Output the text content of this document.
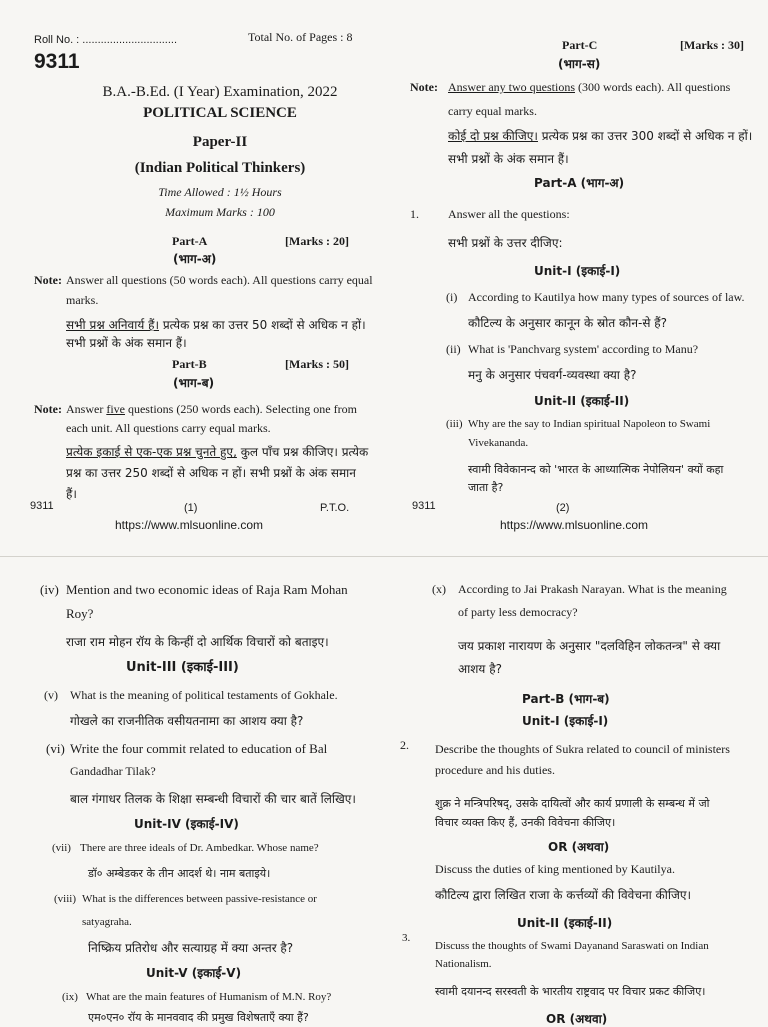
Roll No. : ...............................	Total No. of Pages : 8
9311
B.A.-B.Ed. (I Year) Examination, 2022
POLITICAL SCIENCE
Paper-II
(Indian Political Thinkers)
Time Allowed : 1½ Hours
Maximum Marks : 100
Part-A	[Marks : 20]
(भाग-अ)
Note: Answer all questions (50 words each). All questions carry equal
marks.
सभी प्रश्न अनिवार्य हैं। प्रत्येक प्रश्न का उत्तर 50 शब्दों से अधिक न हों।
सभी प्रश्नों के अंक समान हैं।
Part-B	[Marks : 50]
(भाग-ब)
Note: Answer five questions (250 words each). Selecting one from
each unit. All questions carry equal marks.
प्रत्येक इकाई से एक-एक प्रश्न चुनते हुए, कुल पाँच प्रश्न कीजिए। प्रत्येक
प्रश्न का उत्तर 250 शब्दों से अधिक न हों। सभी प्रश्नों के अंक समान
हैं।
9311	(1)	P.T.O.
https://www.mlsuonline.com
Part-C	[Marks : 30]
(भाग-स)
Note: Answer any two questions (300 words each). All questions
carry equal marks.
कोई दो प्रश्न कीजिए। प्रत्येक प्रश्न का उत्तर 300 शब्दों से अधिक न हों।
सभी प्रश्नों के अंक समान हैं।
Part-A (भाग-अ)
1. Answer all the questions:
सभी प्रश्नों के उत्तर दीजिए:
Unit-I (इकाई-I)
(i) According to Kautilya how many types of sources of law.
कौटिल्य के अनुसार कानून के स्रोत कौन-से हैं?
(ii) What is 'Panchvarg system' according to Manu?
मनु के अनुसार पंचवर्ग-व्यवस्था क्या है?
Unit-II (इकाई-II)
(iii) Why are the say to Indian spiritual Napoleon to Swami
Vivekananda.
स्वामी विवेकानन्द को 'भारत के आध्यात्मिक नेपोलियन' क्यों कहा
जाता है?
9311	(2)
https://www.mlsuonline.com
(iv) Mention and two economic ideas of Raja Ram Mohan
Roy?
राजा राम मोहन रॉय के किन्हीं दो आर्थिक विचारों को बताइए।
Unit-III (इकाई-III)
(v) What is the meaning of political testaments of Gokhale.
गोखले का राजनीतिक वसीयतनामा का आशय क्या है?
(vi) Write the four commit related to education of Bal
Gandadhar Tilak?
बाल गंगाधर तिलक के शिक्षा सम्बन्धी विचारों की चार बातें लिखिए।
Unit-IV (इकाई-IV)
(vii) There are three ideals of Dr. Ambedkar. Whose name?
डॉ० अम्बेडकर के तीन आदर्श थे। नाम बताइये।
(viii) What is the differences between passive-resistance or
satyagraha.
निष्क्रिय प्रतिरोध और सत्याग्रह में क्या अन्तर है?
Unit-V (इकाई-V)
(ix) What are the main features of Humanism of M.N. Roy?
एम०एन० रॉय के मानववाद की प्रमुख विशेषताएँ क्या हैं?
(x) According to Jai Prakash Narayan. What is the meaning
of party less democracy?
जय प्रकाश नारायण के अनुसार "दलविहिन लोकतन्त्र" से क्या
आशय है?
Part-B (भाग-ब)
Unit-I (इकाई-I)
2. Describe the thoughts of Sukra related to council of ministers
procedure and his duties.
शुक्र ने मन्त्रिपरिषद्, उसके दायित्वों और कार्य प्रणाली के सम्बन्ध में जो
विचार व्यक्त किए हैं, उनकी विवेचना कीजिए।
OR (अथवा)
Discuss the duties of king mentioned by Kautilya.
कौटिल्य द्वारा लिखित राजा के कर्त्तव्यों की विवेचना कीजिए।
Unit-II (इकाई-II)
3.
Discuss the thoughts of Swami Dayanand Saraswati on Indian
Nationalism.
स्वामी दयानन्द सरस्वती के भारतीय राष्ट्रवाद पर विचार प्रकट कीजिए।
OR (अथवा)
